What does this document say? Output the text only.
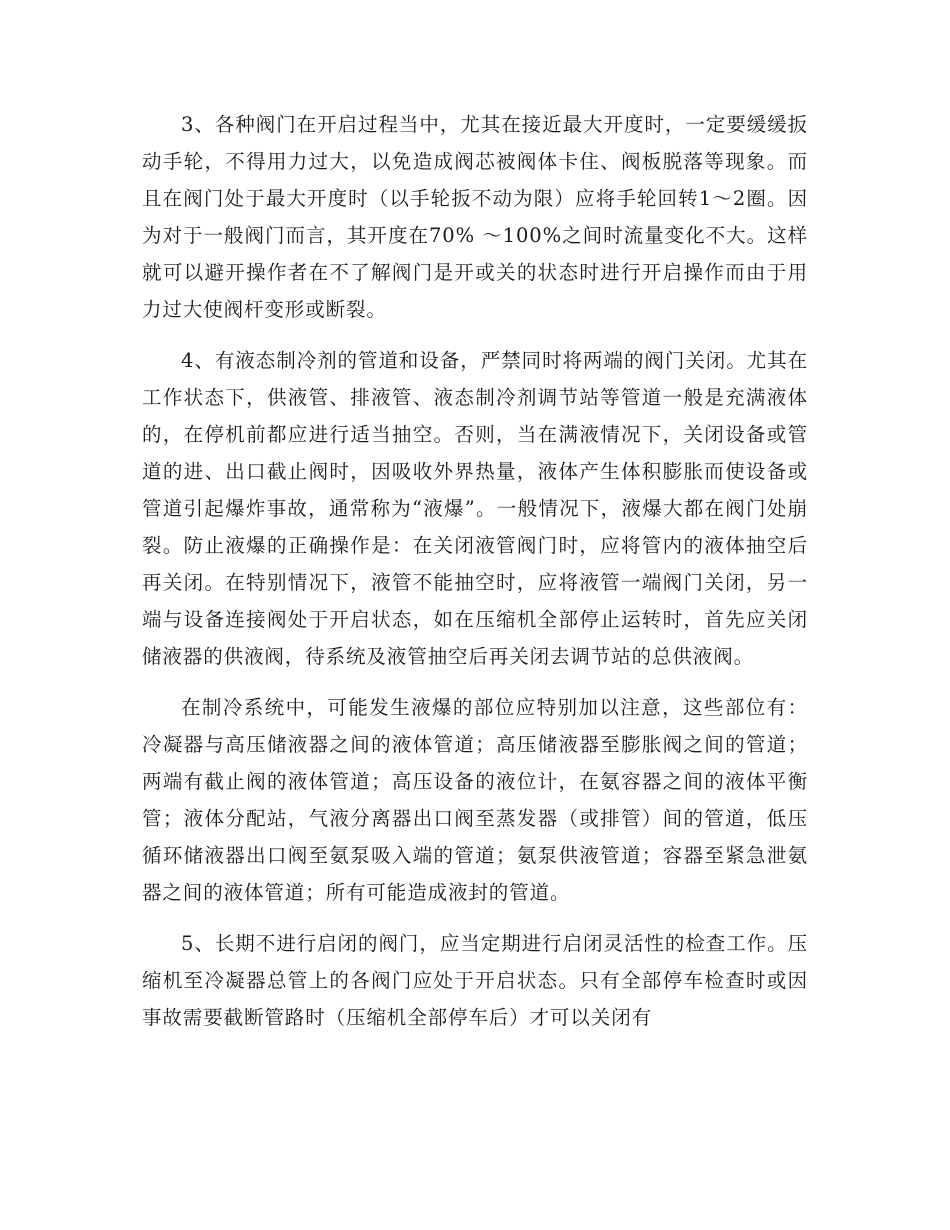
3、各种阀门在开启过程当中，尤其在接近最大开度时，一定要缓缓扳动手轮，不得用力过大，以免造成阀芯被阀体卡住、阀板脱落等现象。而且在阀门处于最大开度时（以手轮扳不动为限）应将手轮回转1～2圈。因为对于一般阀门而言，其开度在70% ～100%之间时流量变化不大。这样就可以避开操作者在不了解阀门是开或关的状态时进行开启操作而由于用力过大使阀杆变形或断裂。

4、有液态制冷剂的管道和设备，严禁同时将两端的阀门关闭。尤其在工作状态下，供液管、排液管、液态制冷剂调节站等管道一般是充满液体的，在停机前都应进行适当抽空。否则，当在满液情况下，关闭设备或管道的进、出口截止阀时，因吸收外界热量，液体产生体积膨胀而使设备或管道引起爆炸事故，通常称为“液爆”。一般情况下，液爆大都在阀门处崩裂。防止液爆的正确操作是：在关闭液管阀门时，应将管内的液体抽空后再关闭。在特别情况下，液管不能抽空时，应将液管一端阀门关闭，另一端与设备连接阀处于开启状态，如在压缩机全部停止运转时，首先应关闭储液器的供液阀，待系统及液管抽空后再关闭去调节站的总供液阀。

在制冷系统中，可能发生液爆的部位应特别加以注意，这些部位有：冷凝器与高压储液器之间的液体管道；高压储液器至膨胀阀之间的管道；两端有截止阀的液体管道；高压设备的液位计，在氨容器之间的液体平衡管；液体分配站，气液分离器出口阀至蒸发器（或排管）间的管道，低压循环储液器出口阀至氨泵吸入端的管道；氨泵供液管道；容器至紧急泄氨器之间的液体管道；所有可能造成液封的管道。

5、长期不进行启闭的阀门，应当定期进行启闭灵活性的检查工作。压缩机至冷凝器总管上的各阀门应处于开启状态。只有全部停车检查时或因事故需要截断管路时（压缩机全部停车后）才可以关闭有
